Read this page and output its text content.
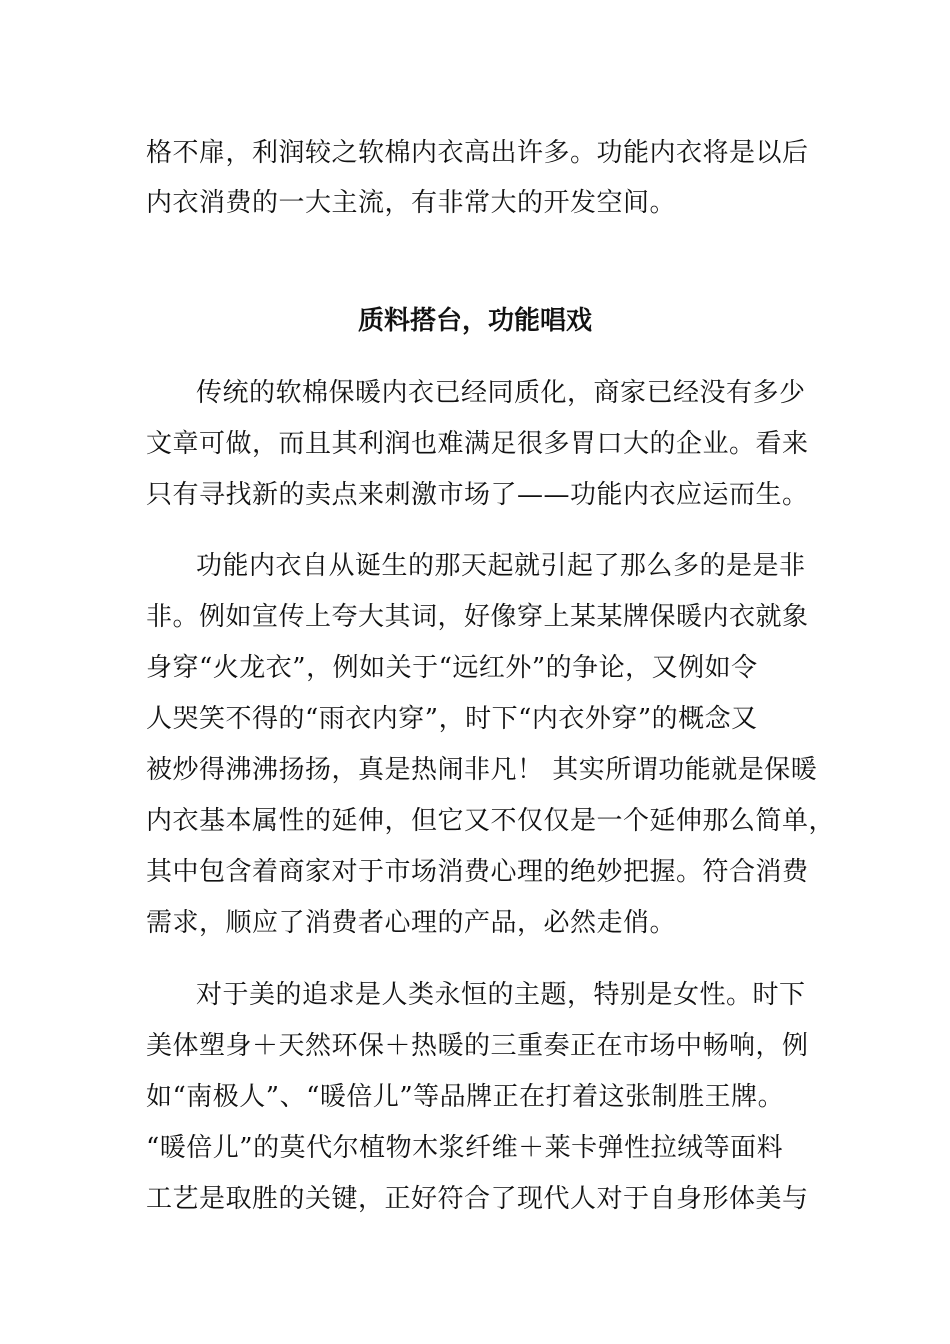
格不扉，利润较之软棉内衣高出许多。功能内衣将是以后
内衣消费的一大主流，有非常大的开发空间。
质料搭台，功能唱戏
传统的软棉保暖内衣已经同质化，商家已经没有多少
文章可做，而且其利润也难满足很多胃口大的企业。看来
只有寻找新的卖点来刺激市场了——功能内衣应运而生。
功能内衣自从诞生的那天起就引起了那么多的是是非
非。例如宣传上夸大其词，好像穿上某某牌保暖内衣就象
身穿“火龙衣”，例如关于“远红外”的争论，又例如令
人哭笑不得的“雨衣内穿”，时下“内衣外穿”的概念又
被炒得沸沸扬扬，真是热闹非凡！ 其实所谓功能就是保暖
内衣基本属性的延伸，但它又不仅仅是一个延伸那么简单，
其中包含着商家对于市场消费心理的绝妙把握。符合消费
需求，顺应了消费者心理的产品，必然走俏。
对于美的追求是人类永恒的主题，特别是女性。时下
美体塑身＋天然环保＋热暖的三重奏正在市场中畅响，例
如“南极人”、“暖倍儿”等品牌正在打着这张制胜王牌。
“暖倍儿”的莫代尔植物木浆纤维＋莱卡弹性拉绒等面料
工艺是取胜的关键，正好符合了现代人对于自身形体美与
